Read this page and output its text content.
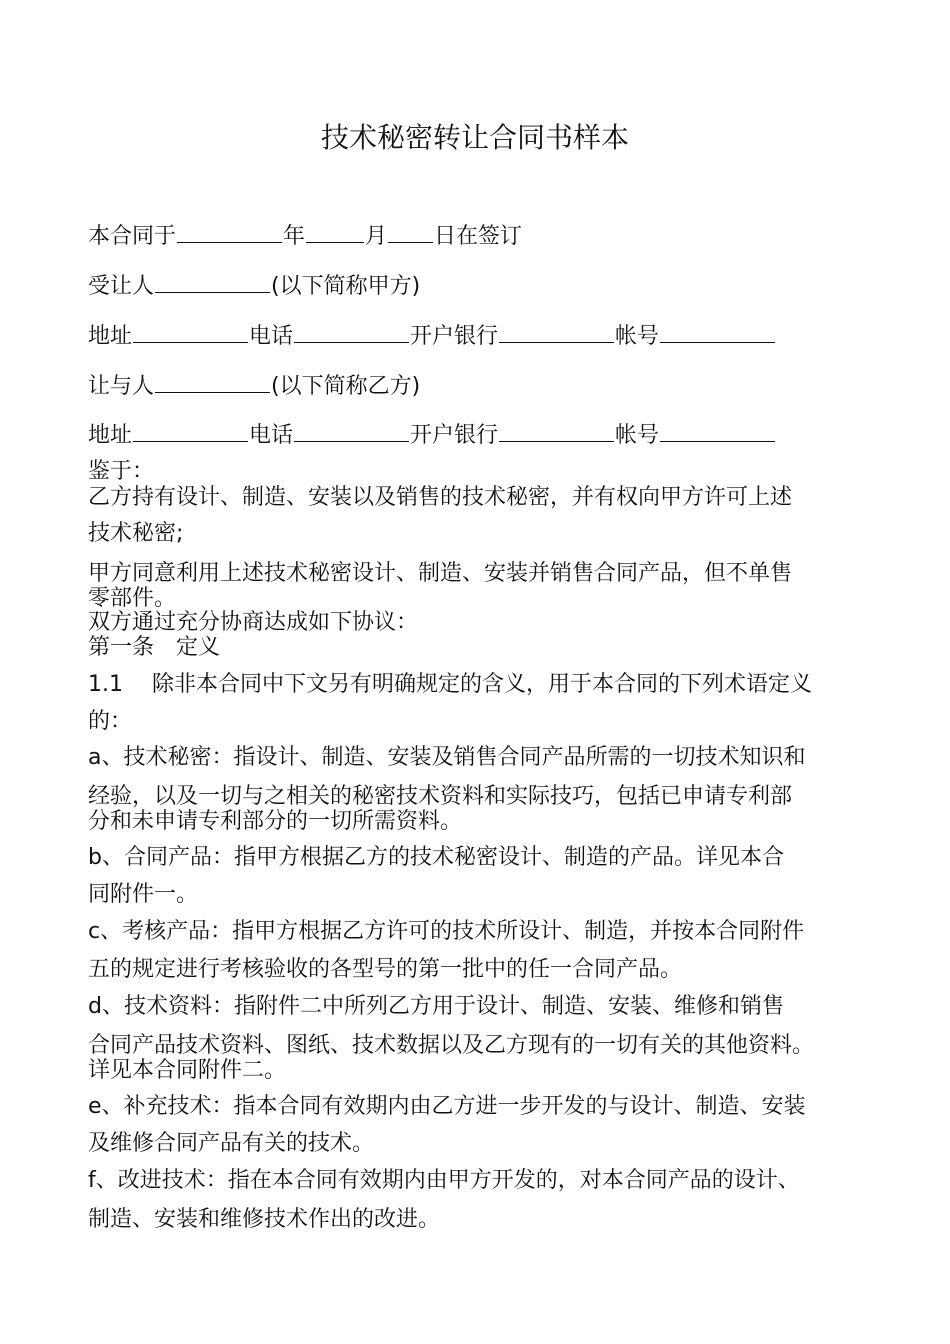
技术秘密转让合同书样本
本合同于	年	月 日在签订
受让人	(以下简称甲方)
地址	电话	开户银行	帐号
让与人	(以下简称乙方)
地址	电话	开户银行	帐号
鉴于：
乙方持有设计、制造、安装以及销售的技术秘密，并有权向甲方许可上述
技术秘密;
甲方同意利用上述技术秘密设计、制造、安装并销售合同产品，但不单售
零部件。
双方通过充分协商达成如下协议：
第一条　定义
1.1　 除非本合同中下文另有明确规定的含义，用于本合同的下列术语定义
的：
a、技术秘密：指设计、制造、安装及销售合同产品所需的一切技术知识和
经验，以及一切与之相关的秘密技术资料和实际技巧，包括已申请专利部
分和未申请专利部分的一切所需资料。
b、合同产品：指甲方根据乙方的技术秘密设计、制造的产品。详见本合
同附件一。
c、考核产品：指甲方根据乙方许可的技术所设计、制造，并按本合同附件
五的规定进行考核验收的各型号的第一批中的任一合同产品。
d、技术资料：指附件二中所列乙方用于设计、制造、安装、维修和销售
合同产品技术资料、图纸、技术数据以及乙方现有的一切有关的其他资料。
详见本合同附件二。
e、补充技术：指本合同有效期内由乙方进一步开发的与设计、制造、安装
及维修合同产品有关的技术。
f、改进技术：指在本合同有效期内由甲方开发的，对本合同产品的设计、
制造、安装和维修技术作出的改进。
